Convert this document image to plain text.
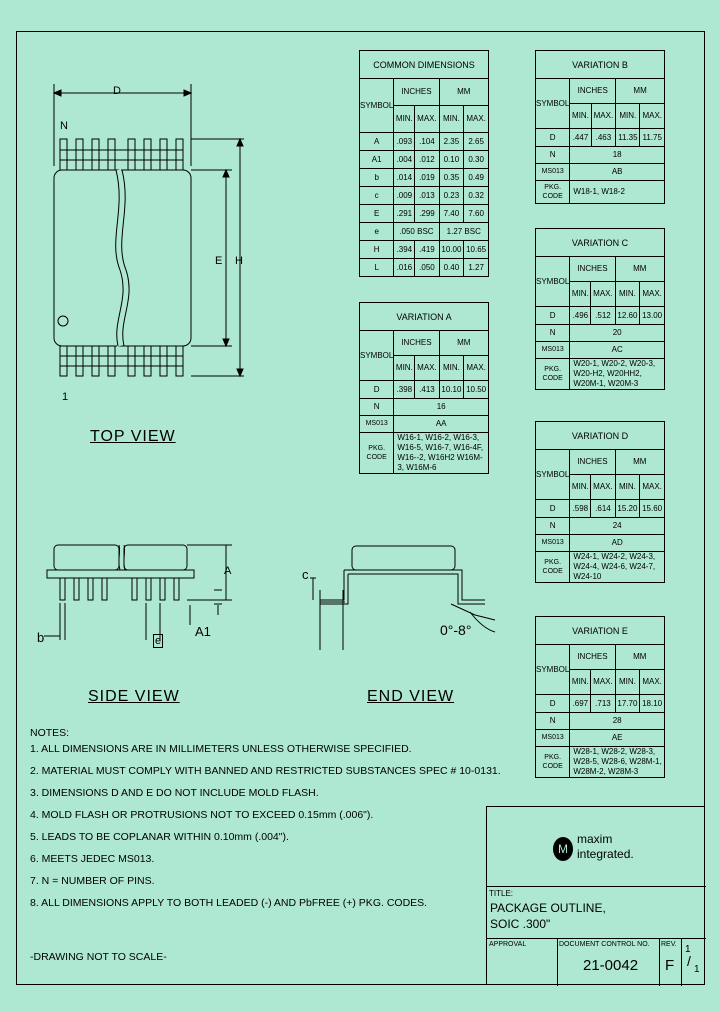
D
N
1
E H
A
A1
b	e
c
0°-8°
TOP VIEW
SIDE VIEW	END VIEW
COMMON DIMENSIONS				
SYMBOL	INCHES		MM	
	MIN.	MAX.	MIN.	MAX.
A	.093	.104	2.35	2.65
A1	.004	.012	0.10	0.30
b	.014	.019	0.35	0.49
c	.009	.013	0.23	0.32
E	.291	.299	7.40	7.60
e	.050 BSC		1.27 BSC	
H	.394	.419	10.00	10.65
L	.016	.050	0.40	1.27
VARIATION A				
SYMBOL	INCHES		MM	
	MIN.	MAX.	MIN.	MAX.
D	.398	.413	10.10	10.50
N	16			
MS013	AA			
PKG. CODE	W16-1, W16-2, W16-3, W16-5, W16-7, W16-4F, W16--2, W16H2 W16M-3, W16M-6			
VARIATION B				
SYMBOL	INCHES		MM	
	MIN.	MAX.	MIN.	MAX.
D	.447	.463	11.35	11.75
N	18			
MS013	AB			
PKG. CODE	W18-1, W18-2			
VARIATION C				
SYMBOL	INCHES		MM	
	MIN.	MAX.	MIN.	MAX.
D	.496	.512	12.60	13.00
N	20			
MS013	AC			
PKG. CODE	W20-1, W20-2, W20-3, W20-H2, W20HH2, W20M-1, W20M-3			
VARIATION D				
SYMBOL	INCHES		MM	
	MIN.	MAX.	MIN.	MAX.
D	.598	.614	15.20	15.60
N	24			
MS013	AD			
PKG. CODE	W24-1, W24-2, W24-3, W24-4, W24-6, W24-7, W24-10			
VARIATION E				
SYMBOL	INCHES		MM	
	MIN.	MAX.	MIN.	MAX.
D	.697	.713	17.70	18.10
N	28			
MS013	AE			
PKG. CODE	W28-1, W28-2, W28-3, W28-5, W28-6, W28M-1, W28M-2, W28M-3			
NOTES:
1. ALL DIMENSIONS ARE IN MILLIMETERS UNLESS OTHERWISE SPECIFIED.
2. MATERIAL MUST COMPLY WITH BANNED AND RESTRICTED SUBSTANCES SPEC # 10-0131.
3. DIMENSIONS D AND E DO NOT INCLUDE MOLD FLASH.
4. MOLD FLASH OR PROTRUSIONS NOT TO EXCEED 0.15mm (.006").
5. LEADS TO BE COPLANAR WITHIN 0.10mm (.004").
6. MEETS JEDEC MS013.
7. N = NUMBER OF PINS.
8. ALL DIMENSIONS APPLY TO BOTH LEADED (-) AND PbFREE (+) PKG. CODES.
-DRAWING NOT TO SCALE-
M
maxim
integrated.
TITLE:
PACKAGE OUTLINE,
SOIC .300"
APPROVAL	DOCUMENT CONTROL NO.
21-0042
REV.
F
1
/
1
